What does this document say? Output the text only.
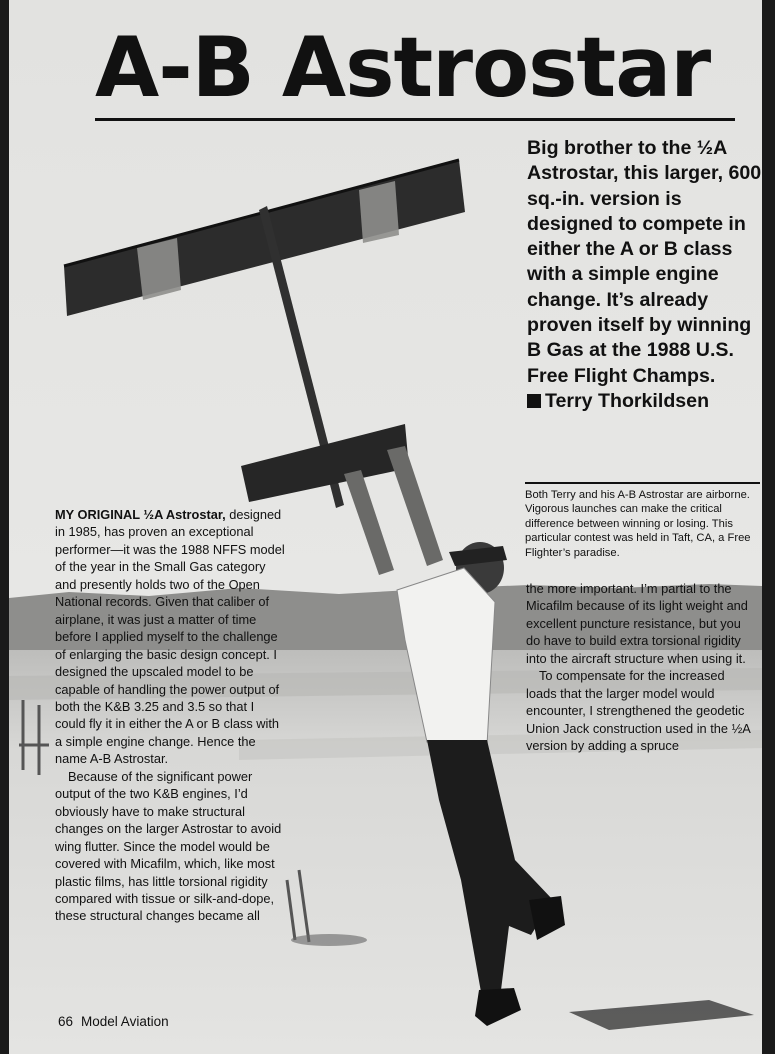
A-B Astrostar
Big brother to the ½A Astrostar, this larger, 600 sq.-in. version is designed to compete in either the A or B class with a simple engine change. It’s already proven itself by winning B Gas at the 1988 U.S. Free Flight Champs.
Terry Thorkildsen
Both Terry and his A-B Astrostar are airborne. Vigorous launches can make the critical difference between winning or losing. This particular contest was held in Taft, CA, a Free Flighter’s paradise.

MY ORIGINAL ½A Astrostar, designed in 1985, has proven an exceptional performer—it was the 1988 NFFS model of the year in the Small Gas category and presently holds two of the Open National records. Given that caliber of airplane, it was just a matter of time before I applied myself to the challenge of enlarging the basic design concept. I designed the upscaled model to be capable of handling the power output of both the K&B 3.25 and 3.5 so that I could fly it in either the A or B class with a simple engine change. Hence the name A-B Astrostar.

Because of the significant power output of the two K&B engines, I’d obviously have to make structural changes on the larger Astrostar to avoid wing flutter. Since the model would be covered with Micafilm, which, like most plastic films, has little torsional rigidity compared with tissue or silk-and-dope, these structural changes became all

the more important. I’m partial to the Micafilm because of its light weight and excellent puncture resistance, but you do have to build extra torsional rigidity into the aircraft structure when using it.

To compensate for the increased loads that the larger model would encounter, I strengthened the geodetic Union Jack construction used in the ½A version by adding a spruce

66 Model Aviation
